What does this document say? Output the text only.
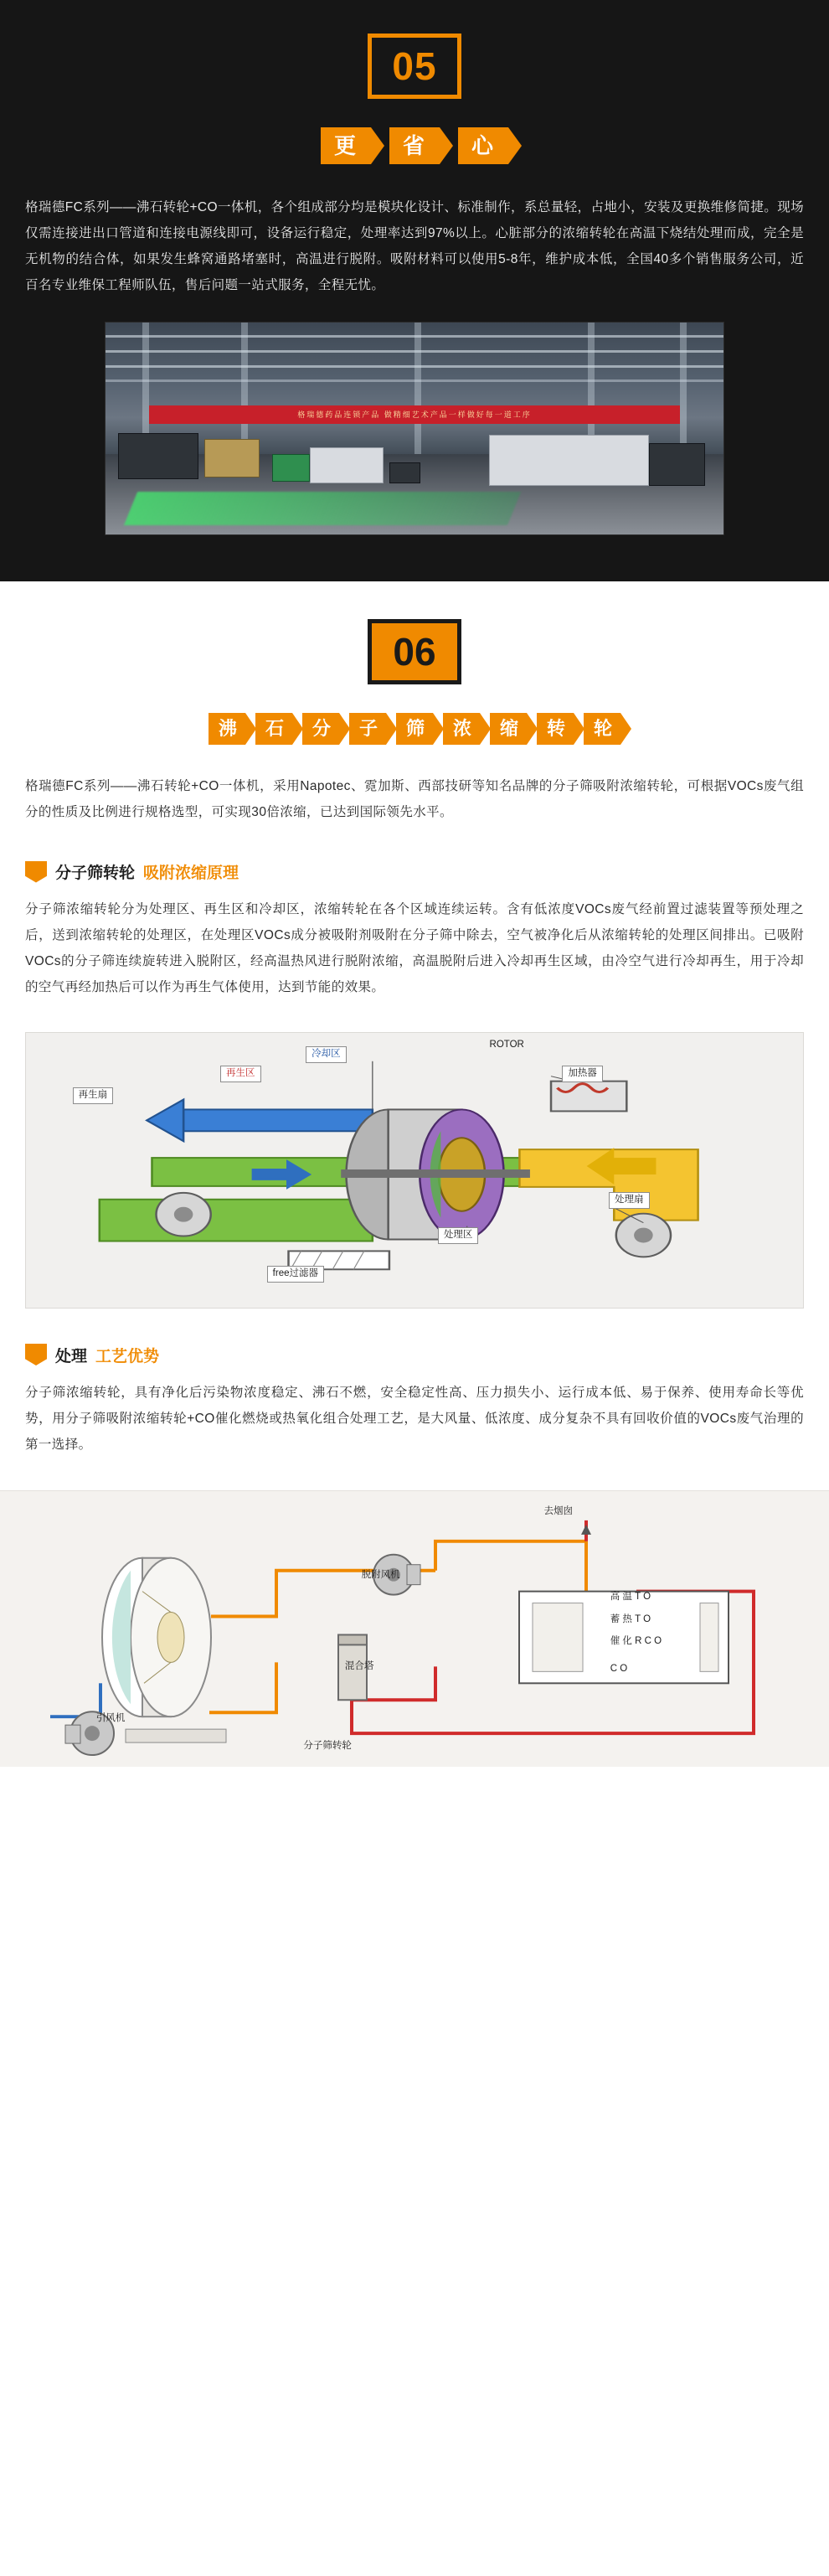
05
更	省	心

格瑞德FC系列——沸石转轮+CO一体机，各个组成部分均是模块化设计、标准制作，系总量轻，占地小，安装及更换维修简捷。现场仅需连接进出口管道和连接电源线即可，设备运行稳定，处理率达到97%以上。心脏部分的浓缩转轮在高温下烧结处理而成，完全是无机物的结合体，如果发生蜂窝通路堵塞时，高温进行脱附。吸附材料可以使用5-8年，维护成本低，全国40多个销售服务公司，近百名专业维保工程师队伍，售后问题一站式服务，全程无忧。

格瑞德药品连锁产品 做精细艺术产品一样做好每一道工序
06
沸	石	分	子	筛	浓	缩	转	轮

格瑞德FC系列——沸石转轮+CO一体机，采用Napotec、霓加斯、西部技研等知名品牌的分子筛吸附浓缩转轮，可根据VOCs废气组分的性质及比例进行规格选型，可实现30倍浓缩，已达到国际领先水平。

分子筛转轮 吸附浓缩原理

分子筛浓缩转轮分为处理区、再生区和冷却区，浓缩转轮在各个区域连续运转。含有低浓度VOCs废气经前置过滤装置等预处理之后，送到浓缩转轮的处理区，在处理区VOCs成分被吸附剂吸附在分子筛中除去，空气被净化后从浓缩转轮的处理区间排出。已吸附VOCs的分子筛连续旋转进入脱附区，经高温热风进行脱附浓缩，高温脱附后进入冷却再生区域，由冷空气进行冷却再生，用于冷却的空气再经加热后可以作为再生气体使用，达到节能的效果。

冷却区
ROTOR
再生区	加热器
再生扇
处理扇
处理区
free过滤器
处理 工艺优势

分子筛浓缩转轮，具有净化后污染物浓度稳定、沸石不燃，安全稳定性高、压力损失小、运行成本低、易于保养、使用寿命长等优势，用分子筛吸附浓缩转轮+CO催化燃烧或热氧化组合处理工艺，是大风量、低浓度、成分复杂不具有回收价值的VOCs废气治理的第一选择。

去烟囱
脱附风机
混合塔
高 温 T O
蓄 热 T O
催 化 R C O
C O
引风机
分子筛转轮
